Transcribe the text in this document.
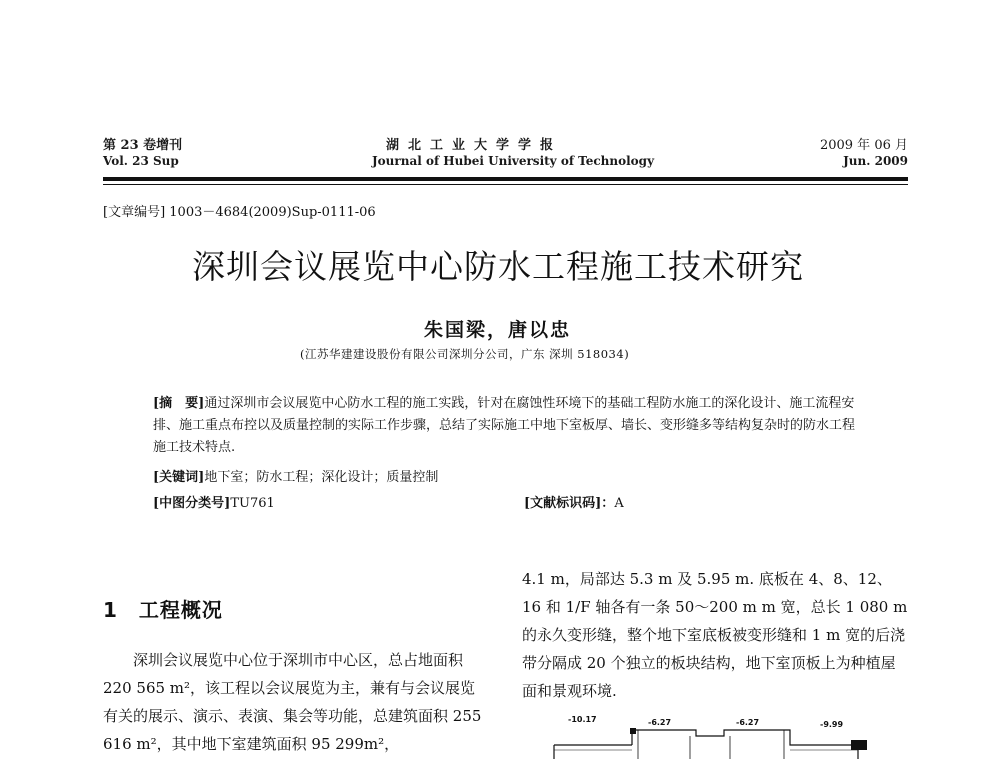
第 23 卷增刊
Vol. 23 Sup
湖北工业大学学报
Journal of Hubei University of Technology
2009 年 06 月
Jun. 2009
[文章编号] 1003－4684(2009)Sup-0111-06
深圳会议展览中心防水工程施工技术研究
朱国梁，唐以忠
(江苏华建建设股份有限公司深圳分公司，广东 深圳 518034)
[摘　要]通过深圳市会议展览中心防水工程的施工实践，针对在腐蚀性环境下的基础工程防水施工的深化设计、施工流程安排、施工重点布控以及质量控制的实际工作步骤，总结了实际施工中地下室板厚、墙长、变形缝多等结构复杂时的防水工程施工技术特点.
[关键词]地下室；防水工程；深化设计；质量控制
[中图分类号]TU761	[文献标识码]：A
1　工程概况

深圳会议展览中心位于深圳市中心区，总占地面积 220 565 m²，该工程以会议展览为主，兼有与会议展览有关的展示、演示、表演、集会等功能，总建筑面积 255 616 m²，其中地下室建筑面积 95 299m²，

4.1 m，局部达 5.3 m 及 5.95 m. 底板在 4、8、12、16 和 1/F 轴各有一条 50～200 m m 宽，总长 1 080 m 的永久变形缝，整个地下室底板被变形缝和 1 m 宽的后浇带分隔成 20 个独立的板块结构，地下室顶板上为种植屋面和景观环境.

-10.17	-6.27	-6.27	-9.99
